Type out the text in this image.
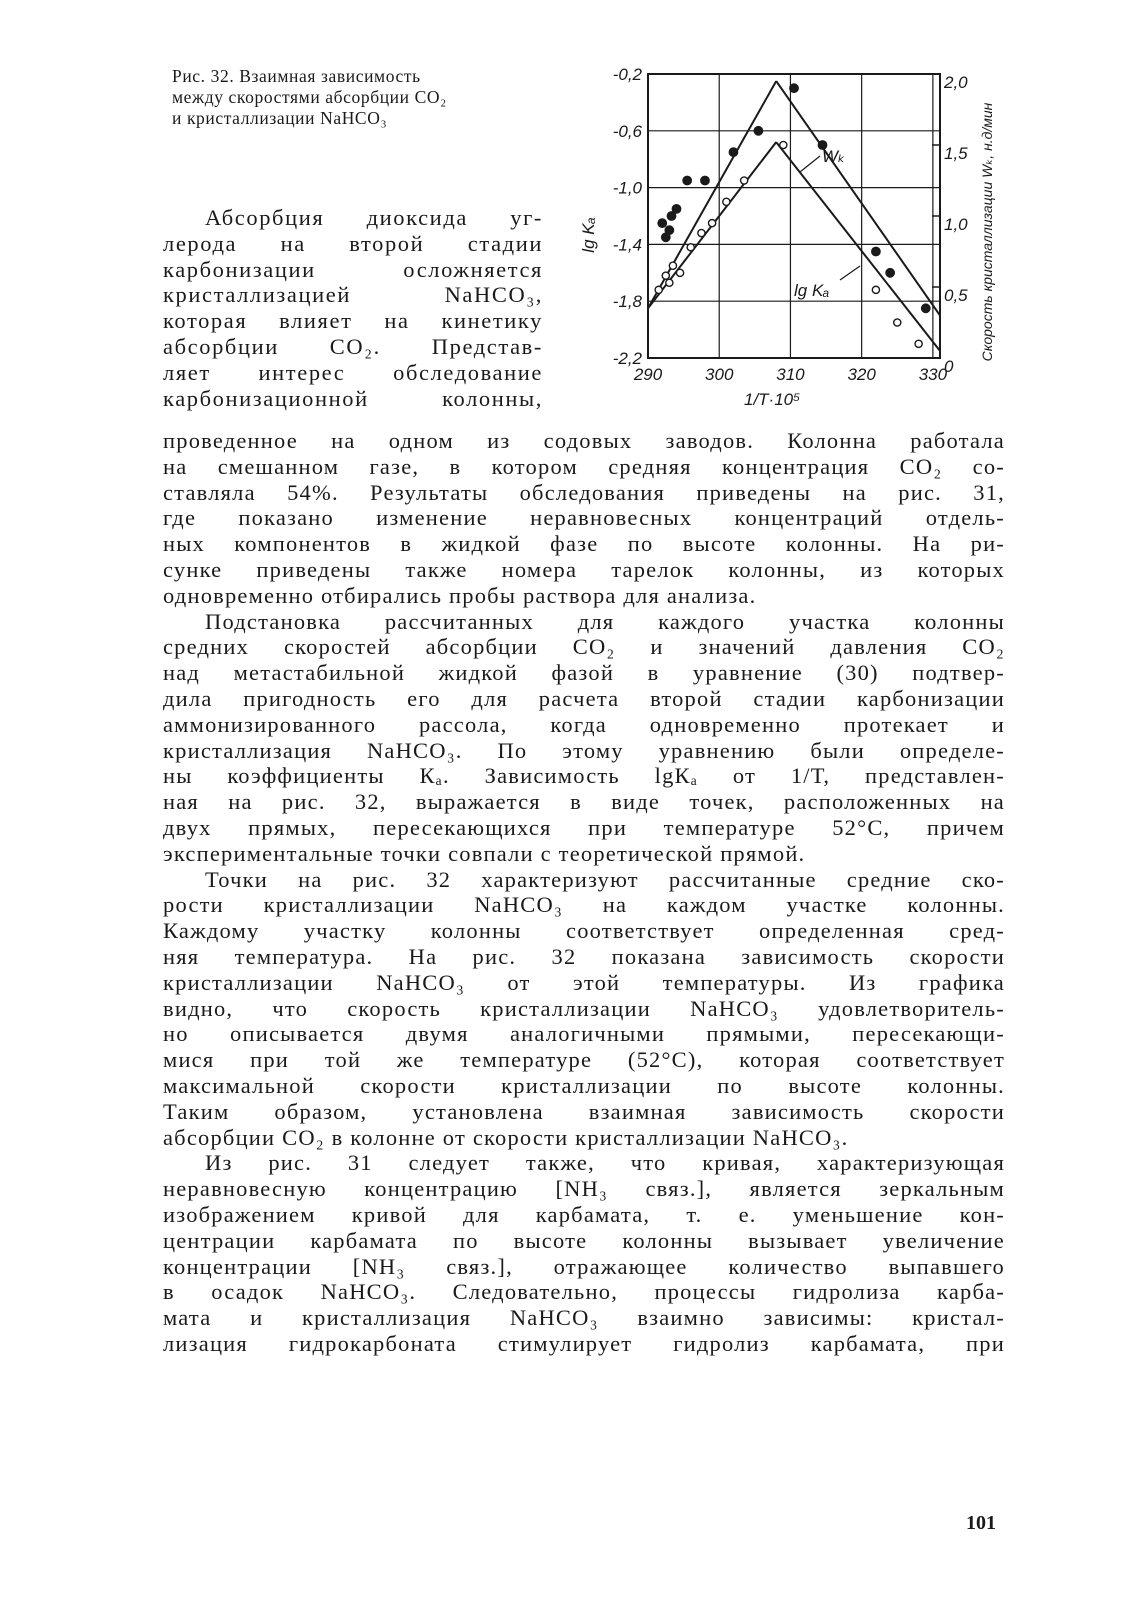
Рис. 32. Взаимная зависимость
между скоростями абсорбции СО₂
и кристаллизации NaHCO₃
290	300	310	320	330
-0,2
-0,6
-1,0
-1,4
-1,8
-2,2
2,0
1,5
1,0
0,5
0
1/T·10⁵
lg Kₐ	Скорость кристаллизации Wₖ, н.д/мин
Wₖ
lg Kₐ
Абсорбция диоксида уг-
лерода на второй стадии
карбонизации осложняется
кристаллизацией NaHCO₃,
которая влияет на кинетику
абсорбции СО₂. Представ-
ляет интерес обследование
карбонизационной колонны,
проведенное на одном из содовых заводов. Колонна работала
на смешанном газе, в котором средняя концентрация СО₂ со-
ставляла 54%. Результаты обследования приведены на рис. 31,
где показано изменение неравновесных концентраций отдель-
ных компонентов в жидкой фазе по высоте колонны. На ри-
сунке приведены также номера тарелок колонны, из которых
одновременно отбирались пробы раствора для анализа.
Подстановка рассчитанных для каждого участка колонны
средних скоростей абсорбции СО₂ и значений давления СО₂
над метастабильной жидкой фазой в уравнение (30) подтвер-
дила пригодность его для расчета второй стадии карбонизации
аммонизированного рассола, когда одновременно протекает и
кристаллизация NaHCO₃. По этому уравнению были определе-
ны коэффициенты Кₐ. Зависимость lgКₐ от 1/Т, представлен-
ная на рис. 32, выражается в виде точек, расположенных на
двух прямых, пересекающихся при температуре 52°С, причем
экспериментальные точки совпали с теоретической прямой.
Точки на рис. 32 характеризуют рассчитанные средние ско-
рости кристаллизации NaHCO₃ на каждом участке колонны.
Каждому участку колонны соответствует определенная сред-
няя температура. На рис. 32 показана зависимость скорости
кристаллизации NaHCO₃ от этой температуры. Из графика
видно, что скорость кристаллизации NaHCO₃ удовлетворитель-
но описывается двумя аналогичными прямыми, пересекающи-
мися при той же температуре (52°С), которая соответствует
максимальной скорости кристаллизации по высоте колонны.
Таким образом, установлена взаимная зависимость скорости
абсорбции СО₂ в колонне от скорости кристаллизации NaHCO₃.
Из рис. 31 следует также, что кривая, характеризующая
неравновесную концентрацию [NH₃ связ.], является зеркальным
изображением кривой для карбамата, т. е. уменьшение кон-
центрации карбамата по высоте колонны вызывает увеличение
концентрации [NH₃ связ.], отражающее количество выпавшего
в осадок NaHCO₃. Следовательно, процессы гидролиза карба-
мата и кристаллизация NaHCO₃ взаимно зависимы: кристал-
лизация гидрокарбоната стимулирует гидролиз карбамата, при
101
